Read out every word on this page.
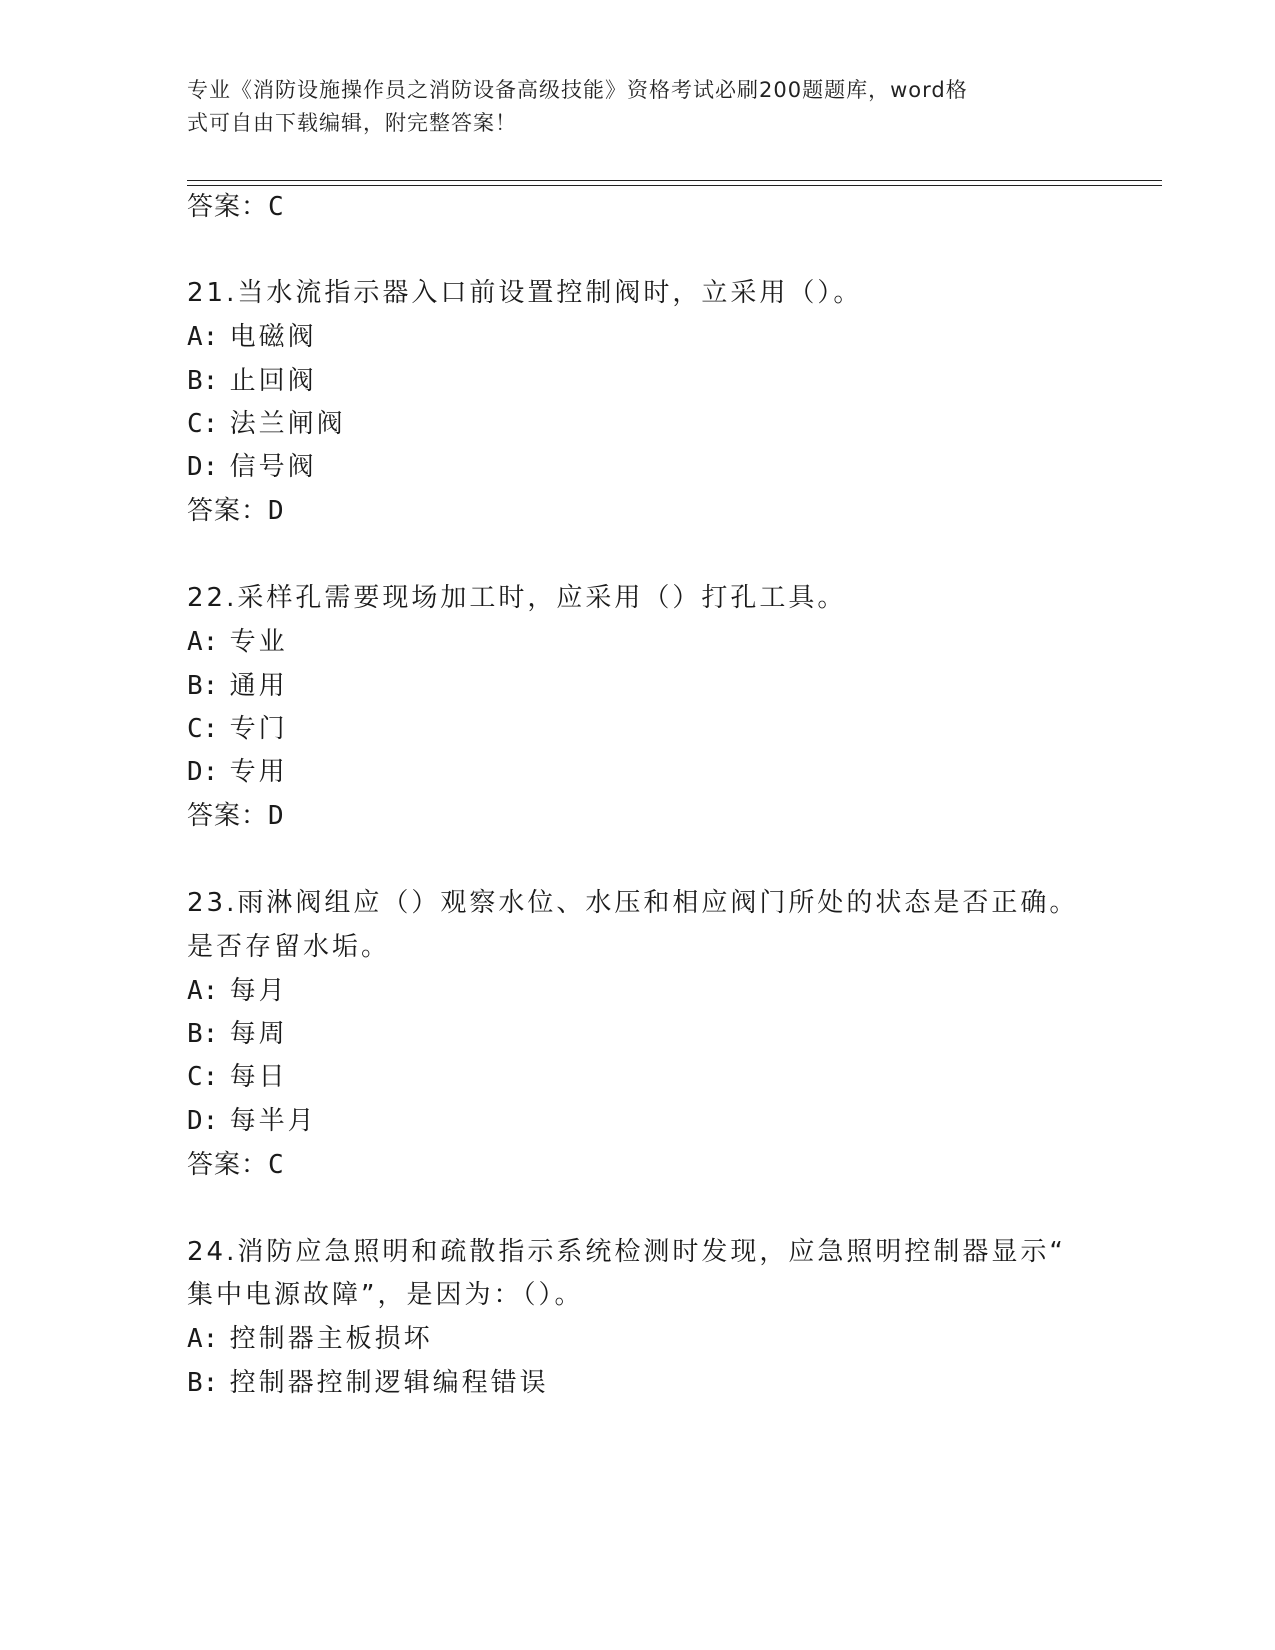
专业《消防设施操作员之消防设备高级技能》资格考试必刷200题题库，word格
式可自由下载编辑，附完整答案！
答案：C
21.当水流指示器入口前设置控制阀时，立采用（）。
A: 电磁阀
B: 止回阀
C: 法兰闸阀
D: 信号阀
答案：D
22.采样孔需要现场加工时，应采用（）打孔工具。
A: 专业
B: 通用
C: 专门
D: 专用
答案：D
23.雨淋阀组应（）观察水位、水压和相应阀门所处的状态是否正确。
是否存留水垢。
A: 每月
B: 每周
C: 每日
D: 每半月
答案：C
24.消防应急照明和疏散指示系统检测时发现，应急照明控制器显示“
集中电源故障”，是因为：（）。
A: 控制器主板损坏
B: 控制器控制逻辑编程错误
